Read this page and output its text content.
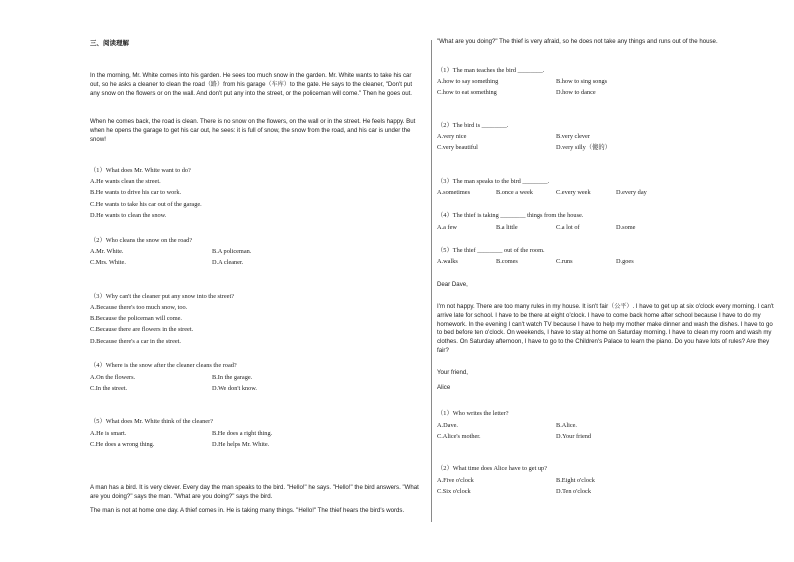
三、阅读理解
In the morning, Mr. White comes into his garden. He sees too much snow in the garden. Mr. White wants to take his car out, so he asks a cleaner to clean the road（路）from his garage（车库）to the gate. He says to the cleaner, "Don't put any snow on the flowers or on the wall. And don't put any into the street, or the policeman will come." Then he goes out.
When he comes back, the road is clean. There is no snow on the flowers, on the wall or in the street. He feels happy. But when he opens the garage to get his car out, he sees: it is full of snow, the snow from the road, and his car is under the snow!
（1）What does Mr. White want to do?
A.He wants clean the street.
B.He wants to drive his car to work.
C.He wants to take his car out of the garage.
D.He wants to clean the snow.
（2）Who cleans the snow on the road?
A.Mr. White.	B.A policeman.
C.Mrs. White.	D.A cleaner.
（3）Why can't the cleaner put any snow into the street?
A.Because there's too much snow, too.
B.Because the policeman will come.
C.Because there are flowers in the street.
D.Because there's a car in the street.
（4）Where is the snow after the cleaner cleans the road?
A.On the flowers.	B.In the garage.
C.In the street.	D.We don't know.
（5）What does Mr. White think of the cleaner?
A.He is smart.	B.He does a right thing.
C.He does a wrong thing.	D.He helps Mr. White.
A man has a bird. It is very clever. Every day the man speaks to the bird. "Hello!" he says. "Hello!" the bird answers. "What are you doing?" says the man. "What are you doing?" says the bird.
The man is not at home one day. A thief comes in. He is taking many things. "Hello!" The thief hears the bird's words.
"What are you doing?" The thief is very afraid, so he does not take any things and runs out of the house.
（1）The man teaches the bird ________.
A.how to say something	B.how to sing songs
C.how to eat something	D.how to dance
（2）The bird is ________.
A.very nice	B.very clever
C.very beautiful	D.very silly（傻的）
（3）The man speaks to the bird ________.
A.sometimes	B.once a week	C.every week	D.every day
（4）The thief is taking ________ things from the house.
A.a few	B.a little	C.a lot of	D.some
（5）The thief ________ out of the room.
A.walks	B.comes	C.runs	D.goes
Dear Dave,
I'm not happy. There are too many rules in my house. It isn't fair（公平）. I have to get up at six o'clock every morning. I can't arrive late for school. I have to be there at eight o'clock. I have to come back home after school because I have to do my homework. In the evening I can't watch TV because I have to help my mother make dinner and wash the dishes. I have to go to bed before ten o'clock. On weekends, I have to stay at home on Saturday morning. I have to clean my room and wash my clothes. On Saturday afternoon, I have to go to the Children's Palace to learn the piano. Do you have lots of rules? Are they fair?
Your friend,
Alice
（1）Who writes the letter?
A.Dave.	B.Alice.
C.Alice's mother.	D.Your friend
（2）What time does Alice have to get up?
A.Five o'clock	B.Eight o'clock
C.Six o'clock	D.Ten o'clock
